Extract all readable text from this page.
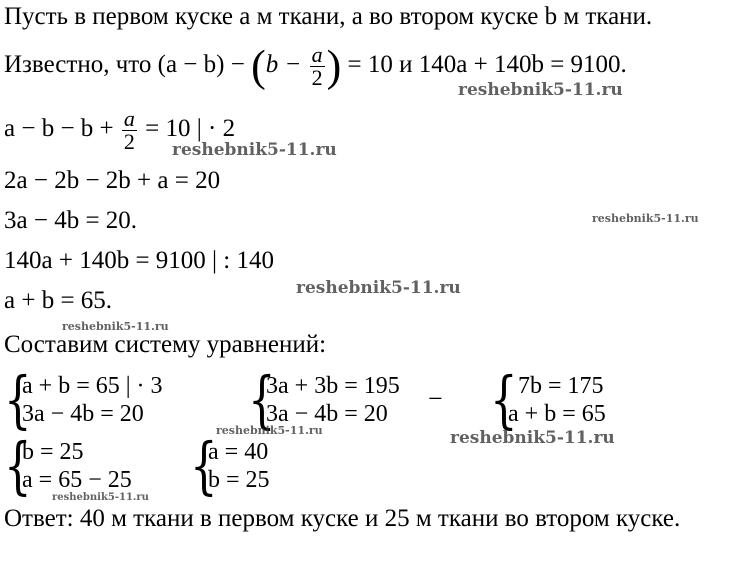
Пусть в первом куске a м ткани, а во втором куске b м ткани.
Известно, что $(a - b) - (b - \frac{a}{2}$ ) = 10 и 140a + 140b = 9100.
$a - b - b + \frac{a}{2} = 10$ | · 2
2a − 2b − 2b + a = 20
3a − 4b = 20.
140a + 140b = 9100 | : 140
a + b = 65.
Составим систему уравнений:
{
a + b = 65 | · 3
3a − 4b = 20	{
3a + 3b = 195
3a − 4b = 20
− { 7b = 175
a + b = 65
{
b = 25
a = 65 − 25 {
a = 40
b = 25
Ответ: 40 м ткани в первом куске и 25 м ткани во втором куске.
reshebnik5-11.ru
reshebnik5-11.ru
reshebnik5-11.ru
reshebnik5-11.ru
reshebnik5-11.ru
reshebnik5-11.ru	reshebnik5-11.ru
reshebnik5-11.ru
